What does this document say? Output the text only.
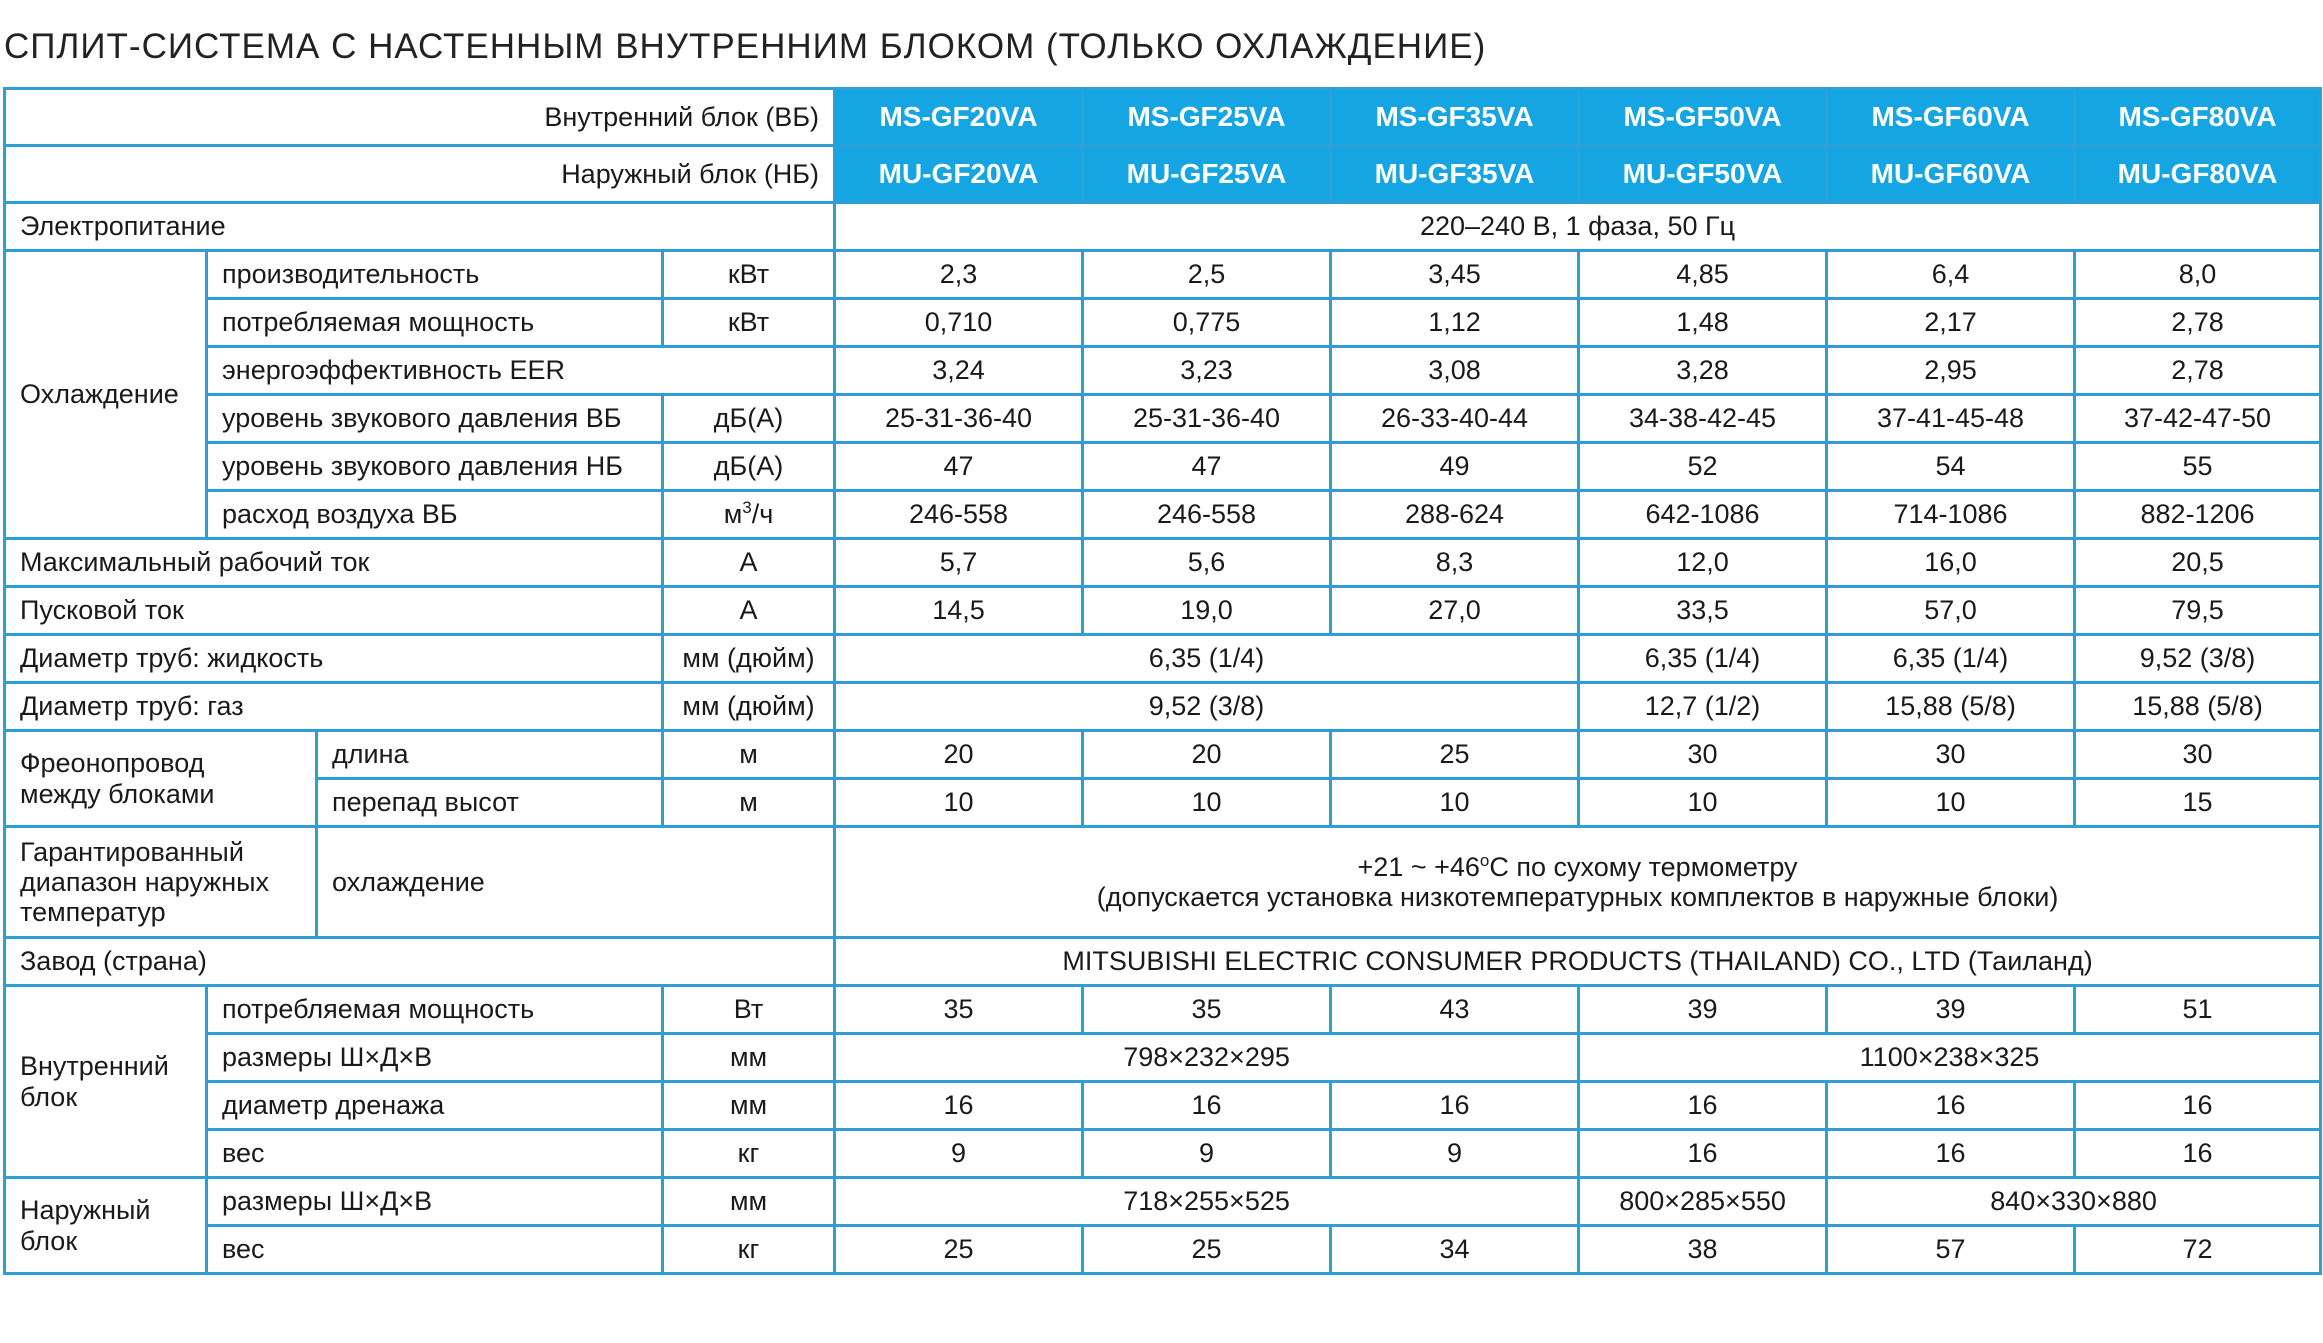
СПЛИТ-СИСТЕМА С НАСТЕННЫМ ВНУТРЕННИМ БЛОКОМ (ТОЛЬКО ОХЛАЖДЕНИЕ)
Внутренний блок (ВБ)				MS-GF20VA	MS-GF25VA	MS-GF35VA	MS-GF50VA	MS-GF60VA	MS-GF80VA
Наружный блок (НБ)				MU-GF20VA	MU-GF25VA	MU-GF35VA	MU-GF50VA	MU-GF60VA	MU-GF80VA
Электропитание				220–240 В, 1 фаза, 50 Гц					
Охлаждение	производительность		кВт	2,3	2,5	3,45	4,85	6,4	8,0
	потребляемая мощность		кВт	0,710	0,775	1,12	1,48	2,17	2,78
	энергоэффективность EER			3,24	3,23	3,08	3,28	2,95	2,78
	уровень звукового давления ВБ		дБ(А)	25-31-36-40	25-31-36-40	26-33-40-44	34-38-42-45	37-41-45-48	37-42-47-50
	уровень звукового давления НБ		дБ(А)	47	47	49	52	54	55
	расход воздуха ВБ		$м^3/ч$	246-558	246-558	288-624	642-1086	714-1086	882-1206
Максимальный рабочий ток			А	5,7	5,6	8,3	12,0	16,0	20,5
Пусковой ток			А	14,5	19,0	27,0	33,5	57,0	79,5
Диаметр труб: жидкость			мм (дюйм)	6,35 (1/4)			6,35 (1/4)	6,35 (1/4)	9,52 (3/8)
Диаметр труб: газ			мм (дюйм)	9,52 (3/8)			12,7 (1/2)	15,88 (5/8)	15,88 (5/8)
Фреонопровод
между блоками		длина	м	20	20	25	30	30	30
		перепад высот	м	10	10	10	10	10	15
Гарантированный
диапазон наружных
температур		охлаждение		+21 ~ $+46^oC$ по сухому термометру
(допускается установка низкотемпературных комплектов в наружные блоки)					
Завод (страна)				MITSUBISHI ELECTRIC CONSUMER PRODUCTS (THAILAND) CO., LTD (Таиланд)					
Внутренний
блок	потребляемая мощность		Вт	35	35	43	39	39	51
	размеры Ш×Д×В		мм	798×232×295			1100×238×325		
	диаметр дренажа		мм	16	16	16	16	16	16
	вес		кг	9	9	9	16	16	16
Наружный
блок	размеры Ш×Д×В		мм	718×255×525			800×285×550	840×330×880	
	вес		кг	25	25	34	38	57	72
